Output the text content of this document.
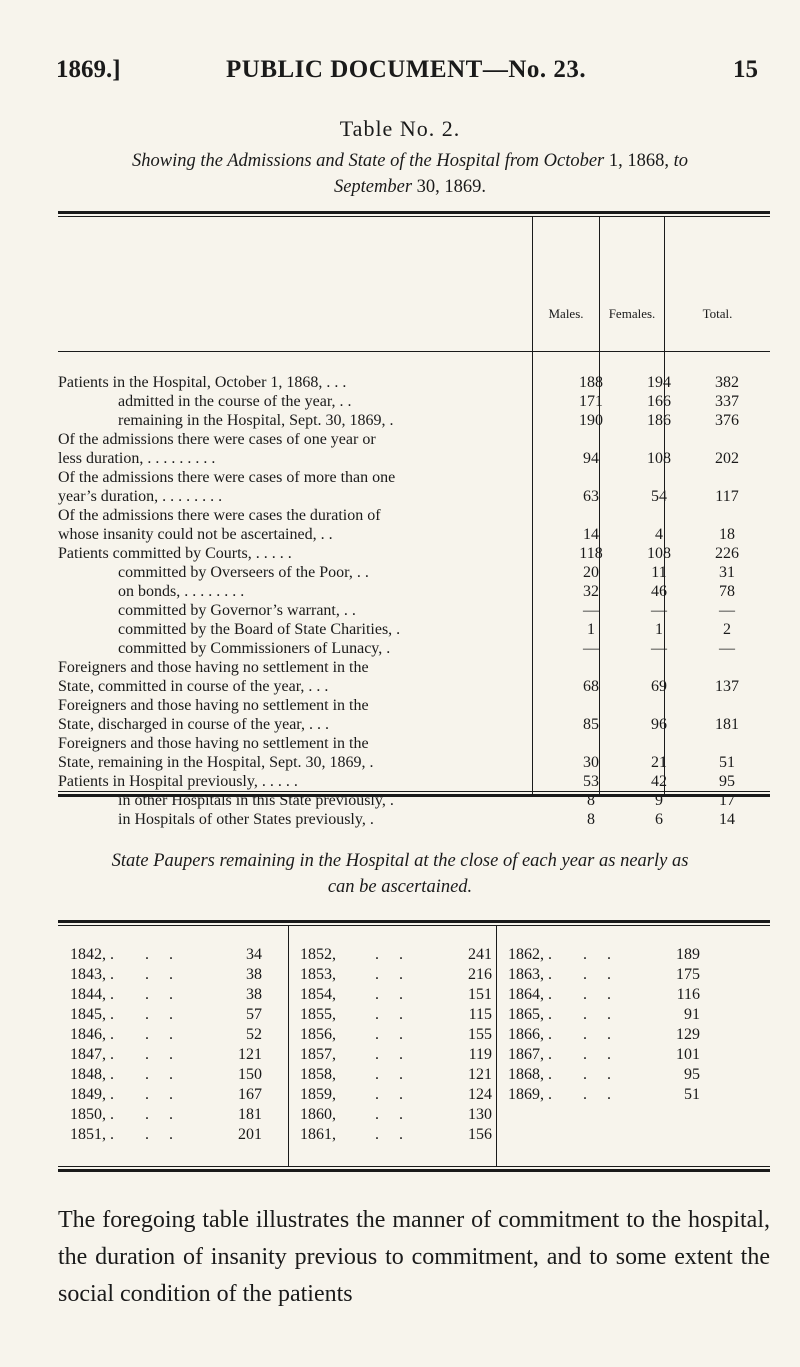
1869.]	PUBLIC DOCUMENT—No. 23.	15
Table No. 2.
Showing the Admissions and State of the Hospital from October 1, 1868, to
September 30, 1869.
Males.	Females.	Total.
Patients in the Hospital, October 1, 1868, . . .	188	194	382
admitted in the course of the year, . .	171	166	337
remaining in the Hospital, Sept. 30, 1869, .	190	186	376
Of the admissions there were cases of one year or
less duration, . . . . . . . . .	94	108	202
Of the admissions there were cases of more than one
year’s duration, . . . . . . . .	63	54	117
Of the admissions there were cases the duration of
whose insanity could not be ascertained, . .	14	4	18
Patients committed by Courts, . . . . .	118	108	226
committed by Overseers of the Poor, . .	20	11	31
on bonds, . . . . . . . .	32	46	78
committed by Governor’s warrant, . .	—	—	—
committed by the Board of State Charities, .	1	1	2
committed by Commissioners of Lunacy, .	—	—	—
Foreigners and those having no settlement in the
State, committed in course of the year, . . .	68	69	137
Foreigners and those having no settlement in the
State, discharged in course of the year, . . .	85	96	181
Foreigners and those having no settlement in the
State, remaining in the Hospital, Sept. 30, 1869, .	30	21	51
Patients in Hospital previously, . . . . .	53	42	95
in other Hospitals in this State previously, .	8	9	17
in Hospitals of other States previously, .	8	6	14
State Paupers remaining in the Hospital at the close of each year as nearly as
can be ascertained.
1842, . . .	34
1843, . . .	38
1844, . . .	38
1845, . . .	57
1846, . . .	52
1847, . . .	121
1848, . . .	150
1849, . . .	167
1850, . . .	181
1851, . . .	201
1852, . .	241
1853, . .	216
1854, . .	151
1855, . .	115
1856, . .	155
1857, . .	119
1858, . .	121
1859, . .	124
1860, . .	130
1861, . .	156
1862, . . .	189
1863, . . .	175
1864, . . .	116
1865, . . .	91
1866, . . .	129
1867, . . .	101
1868, . . .	95
1869, . . .	51
The foregoing table illustrates the manner of commitment to the hospital, the duration of insanity previous to commitment, and to some extent the social condition of the patients
